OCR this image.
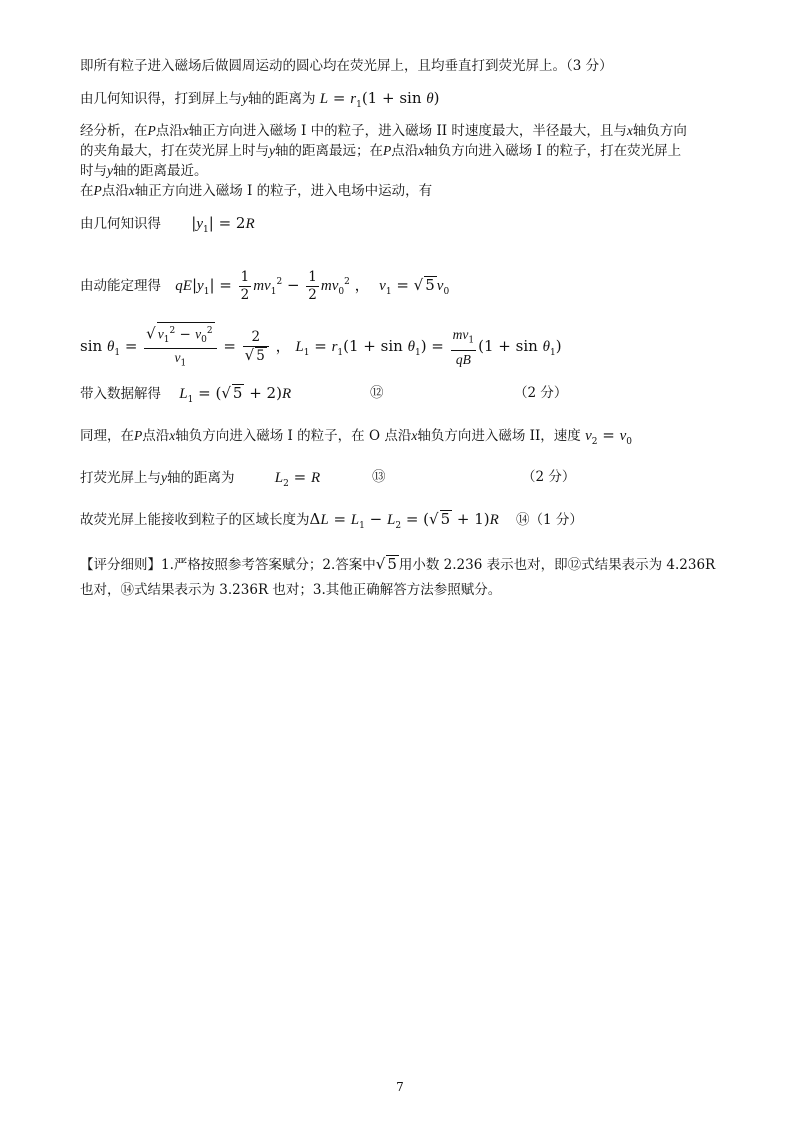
即所有粒子进入磁场后做圆周运动的圆心均在荧光屏上，且均垂直打到荧光屏上。（3 分）
由几何知识得，打到屏上与y轴的距离为 $L = r_1(1 + \sin \theta)$
经分析，在P点沿x轴正方向进入磁场 I 中的粒子，进入磁场 II 时速度最大，半径最大，且与x轴负方向
的夹角最大，打在荧光屏上时与y轴的距离最远；在P点沿x轴负方向进入磁场 I 的粒子，打在荧光屏上
时与y轴的距离最近。
在P点沿x轴正方向进入磁场 I 的粒子，进入电场中运动，有
由几何知识得 $|y_1| = 2R$
由动能定理得 $qE|y_1| = \frac{1}{2} mv_1^2 - \frac{1}{2} mv_0^2$ ，  $v_1$ = √ 5 $v_0$
$\sin \theta_1 = \frac{√ v_1^2 - v_0^2}{v_1} = \frac{2}{√ 5}$ ， $L_1 = r_1(1 + \sin \theta_1) = \frac{mv_1}{qB} (1 + \sin \theta_1)$
带入数据解得 $L_1$ = (√ 5 + 2)R	⑫	（2 分）
同理，在P点沿x轴负方向进入磁场 I 的粒子，在 O 点沿x轴负方向进入磁场 II，速度 $v_2 = v_0$
打荧光屏上与y轴的距离为	$L_2 = R$	⑬	（2 分）
故荧光屏上能接收到粒子的区域长度为$\Delta L = L_1 - L_2$ = (√ 5 + 1)R ⑭（1 分）
【评分细则】1.严格按照参考答案赋分；2.答案中√ 5 用小数 2.236 表示也对，即⑫式结果表示为 4.236R
也对，⑭式结果表示为 3.236R 也对；3.其他正确解答方法参照赋分。
7
